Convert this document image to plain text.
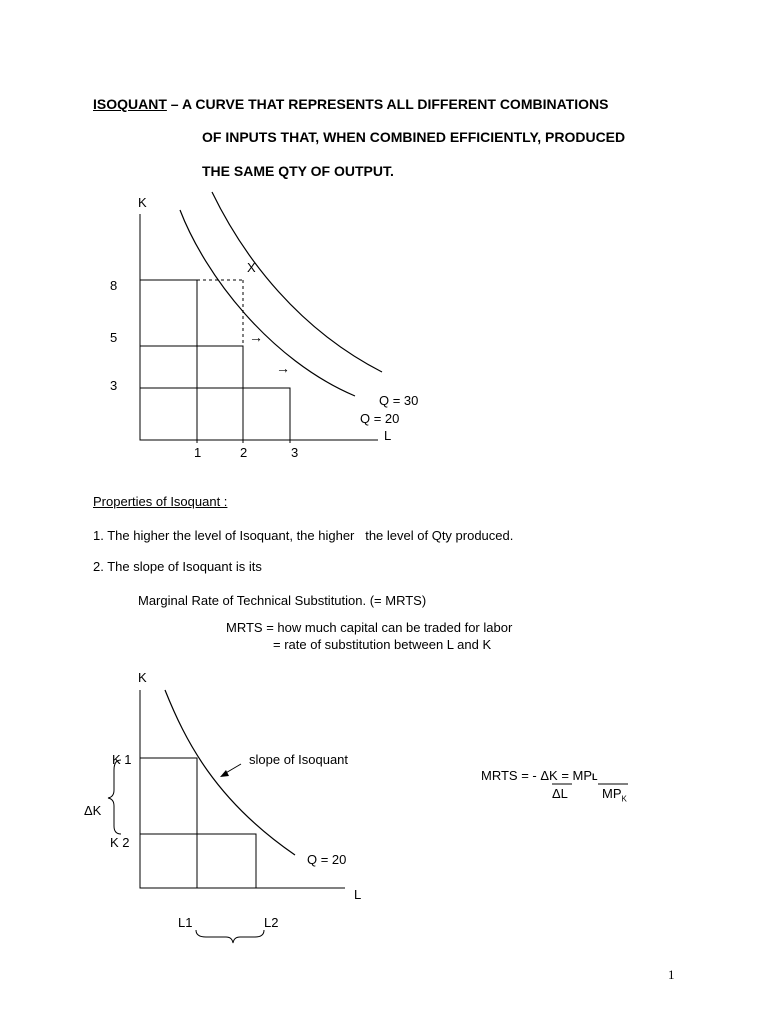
ISOQUANT – A CURVE THAT REPRESENTS ALL DIFFERENT COMBINATIONS
OF INPUTS THAT, WHEN COMBINED EFFICIENTLY, PRODUCED
THE SAME QTY OF OUTPUT.
K
8
5
3
1	2	3
X
→
→
Q = 30
Q = 20
L
Properties of Isoquant :
1. The higher the level of Isoquant, the higher   the level of Qty produced.
2. The slope of Isoquant is its
Marginal Rate of Technical Substitution. (= MRTS)
MRTS = how much capital can be traded for labor
= rate of substitution between L and K
K
K 1
ΔK
K 2
slope of Isoquant
Q = 20
L
L1	L2
MRTS = - ΔK = MPL
ΔL	$MP_K$
1
